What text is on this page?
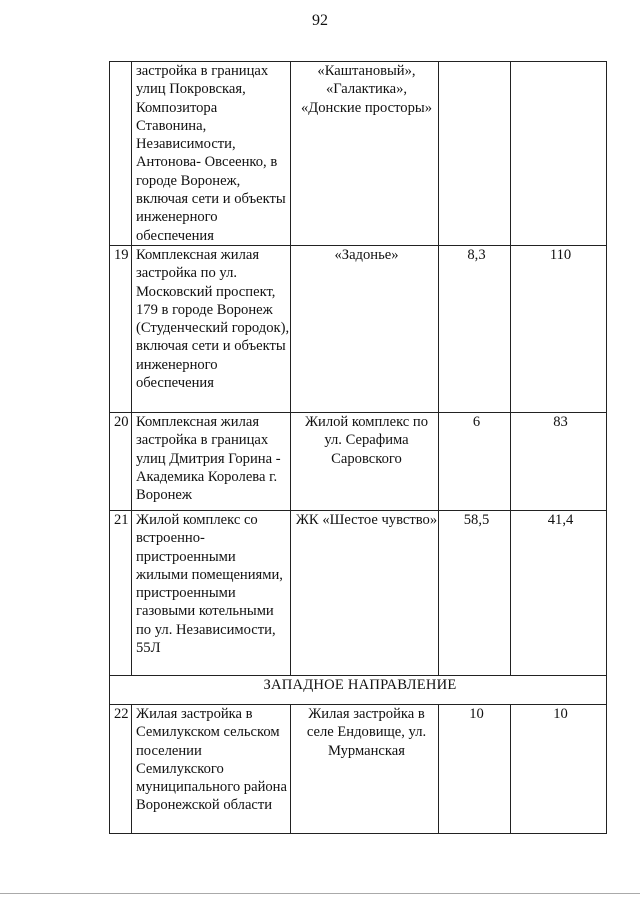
92
	застройка в границах улиц Покровская, Композитора Ставонина, Независимости, Антонова- Овсеенко, в городе Воронеж, включая сети и объекты инженерного обеспечения	«Каштановый», «Галактика», «Донские просторы»		
19	Комплексная жилая застройка по ул. Московский проспект, 179 в городе Воронеж (Студенческий городок), включая сети и объекты инженерного обеспечения	«Задонье»	8,3	110
20	Комплексная жилая застройка в границах улиц Дмитрия Горина - Академика Королева г. Воронеж	Жилой комплекс по ул. Серафима Саровского	6	83
21	Жилой комплекс со встроенно-пристроенными жилыми помещениями, пристроенными газовыми котельными по ул. Независимости, 55Л	ЖК «Шестое чувство»	58,5	41,4
ЗАПАДНОЕ НАПРАВЛЕНИЕ				
22	Жилая застройка в Семилукском сельском поселении Семилукского муниципального района Воронежской области	Жилая застройка в селе Ендовище, ул. Мурманская	10	10
